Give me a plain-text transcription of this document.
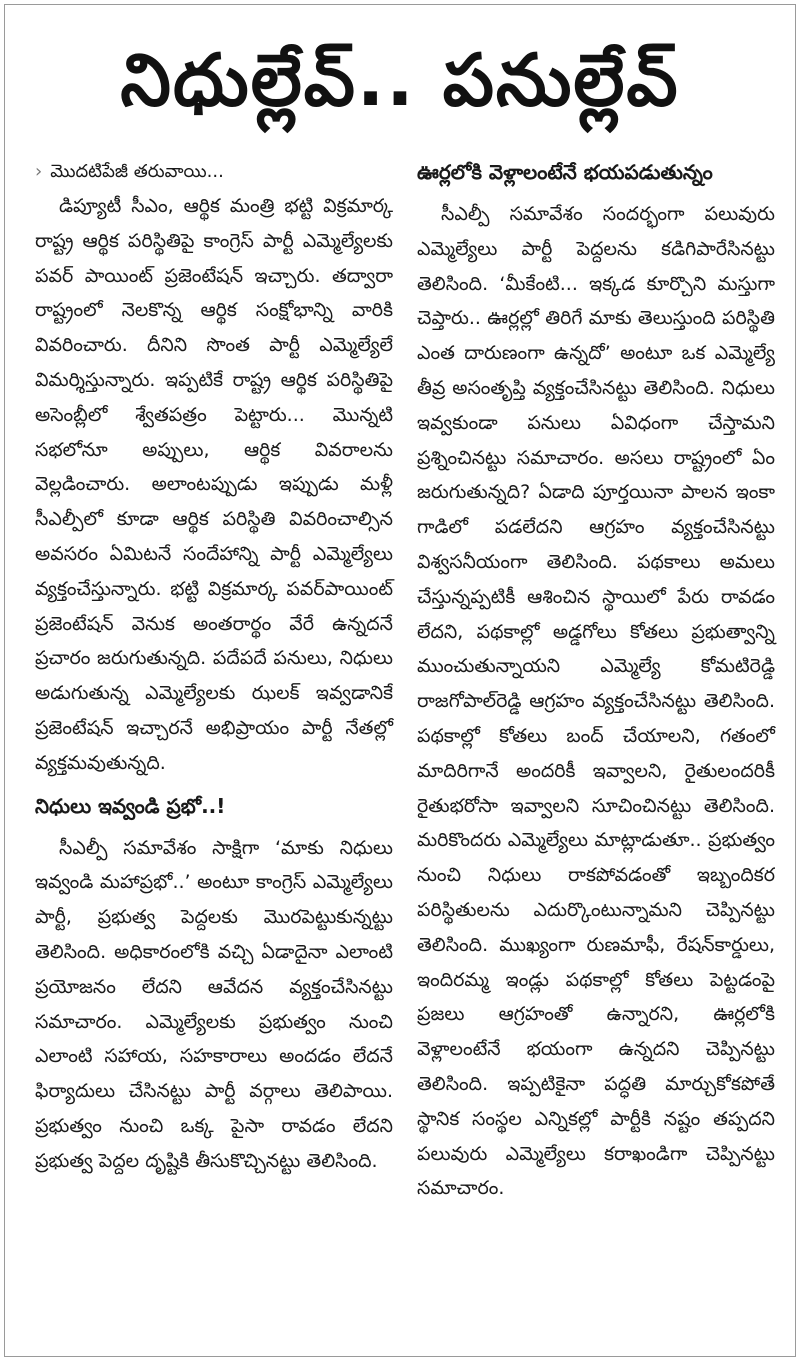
నిధుల్లేవ్.. పనుల్లేవ్
› మొదటిపేజీ తరువాయి...

డిప్యూటీ సీఎం, ఆర్థిక మంత్రి భట్టి విక్రమార్క రాష్ట్ర ఆర్థిక పరిస్థితిపై కాంగ్రెస్ పార్టీ ఎమ్మెల్యేలకు పవర్ పాయింట్ ప్రజెంటేషన్ ఇచ్చారు. తద్వారా రాష్ట్రంలో నెలకొన్న ఆర్థిక సంక్షోభాన్ని వారికి వివరించారు. దీనిని సొంత పార్టీ ఎమ్మెల్యేలే విమర్శిస్తున్నారు. ఇప్పటికే రాష్ట్ర ఆర్థిక పరిస్థితిపై అసెంబ్లీలో శ్వేతపత్రం పెట్టారు... మొన్నటి సభలోనూ అప్పులు, ఆర్థిక వివరాలను వెల్లడించారు. అలాంటప్పుడు ఇప్పుడు మళ్లీ సీఎల్పీలో కూడా ఆర్థిక పరిస్థితి వివరించాల్సిన అవసరం ఏమిటనే సందేహాన్ని పార్టీ ఎమ్మెల్యేలు వ్యక్తంచేస్తున్నారు. భట్టి విక్రమార్క పవర్‌పాయింట్ ప్రజెంటేషన్ వెనుక అంతరార్థం వేరే ఉన్నదనే ప్రచారం జరుగుతున్నది. పదేపదే పనులు, నిధులు అడుగుతున్న ఎమ్మెల్యేలకు ఝలక్ ఇవ్వడానికే ప్రజెంటేషన్ ఇచ్చారనే అభిప్రాయం పార్టీ నేతల్లో వ్యక్తమవుతున్నది.

నిధులు ఇవ్వండి ప్రభో..!

సీఎల్పీ సమావేశం సాక్షిగా ‘మాకు నిధులు ఇవ్వండి మహాప్రభో..’ అంటూ కాంగ్రెస్ ఎమ్మెల్యేలు పార్టీ, ప్రభుత్వ పెద్దలకు మొరపెట్టుకున్నట్టు తెలిసింది. అధికారంలోకి వచ్చి ఏడాదైనా ఎలాంటి ప్రయోజనం లేదని ఆవేదన వ్యక్తంచేసినట్టు సమాచారం. ఎమ్మెల్యేలకు ప్రభుత్వం నుంచి ఎలాంటి సహాయ, సహకారాలు అందడం లేదనే ఫిర్యాదులు చేసినట్టు పార్టీ వర్గాలు తెలిపాయి. ప్రభుత్వం నుంచి ఒక్క పైసా రావడం లేదని ప్రభుత్వ పెద్దల దృష్టికి తీసుకొచ్చినట్టు తెలిసింది.

ఊర్లలోకి వెళ్లాలంటేనే భయపడుతున్నం

సీఎల్పీ సమావేశం సందర్భంగా పలువురు ఎమ్మెల్యేలు పార్టీ పెద్దలను కడిగిపారేసినట్టు తెలిసింది. ‘మీకేంటి... ఇక్కడ కూర్చొని మస్తుగా చెప్తారు.. ఊర్లల్లో తిరిగే మాకు తెలుస్తుంది పరిస్థితి ఎంత దారుణంగా ఉన్నదో’ అంటూ ఒక ఎమ్మెల్యే తీవ్ర అసంతృప్తి వ్యక్తంచేసినట్టు తెలిసింది. నిధులు ఇవ్వకుండా పనులు ఏవిధంగా చేస్తామని ప్రశ్నించినట్టు సమాచారం. అసలు రాష్ట్రంలో ఏం జరుగుతున్నది? ఏడాది పూర్తయినా పాలన ఇంకా గాడిలో పడలేదని ఆగ్రహం వ్యక్తంచేసినట్టు విశ్వసనీయంగా తెలిసింది. పథకాలు అమలు చేస్తున్నప్పటికీ ఆశించిన స్థాయిలో పేరు రావడం లేదని, పథకాల్లో అడ్డగోలు కోతలు ప్రభుత్వాన్ని ముంచుతున్నాయని ఎమ్మెల్యే కోమటిరెడ్డి రాజగోపాల్‌రెడ్డి ఆగ్రహం వ్యక్తంచేసినట్టు తెలిసింది. పథకాల్లో కోతలు బంద్ చేయాలని, గతంలో మాదిరిగానే అందరికీ ఇవ్వాలని, రైతులందరికీ రైతుభరోసా ఇవ్వాలని సూచించినట్టు తెలిసింది. మరికొందరు ఎమ్మెల్యేలు మాట్లాడుతూ.. ప్రభుత్వం నుంచి నిధులు రాకపోవడంతో ఇబ్బందికర పరిస్థితులను ఎదుర్కొంటున్నామని చెప్పినట్టు తెలిసింది. ముఖ్యంగా రుణమాఫీ, రేషన్‌కార్డులు, ఇందిరమ్మ ఇండ్లు పథకాల్లో కోతలు పెట్టడంపై ప్రజలు ఆగ్రహంతో ఉన్నారని, ఊర్లలోకి వెళ్లాలంటేనే భయంగా ఉన్నదని చెప్పినట్టు తెలిసింది. ఇప్పటికైనా పద్ధతి మార్చుకోకపోతే స్థానిక సంస్థల ఎన్నికల్లో పార్టీకి నష్టం తప్పదని పలువురు ఎమ్మెల్యేలు కరాఖండిగా చెప్పినట్టు సమాచారం.
